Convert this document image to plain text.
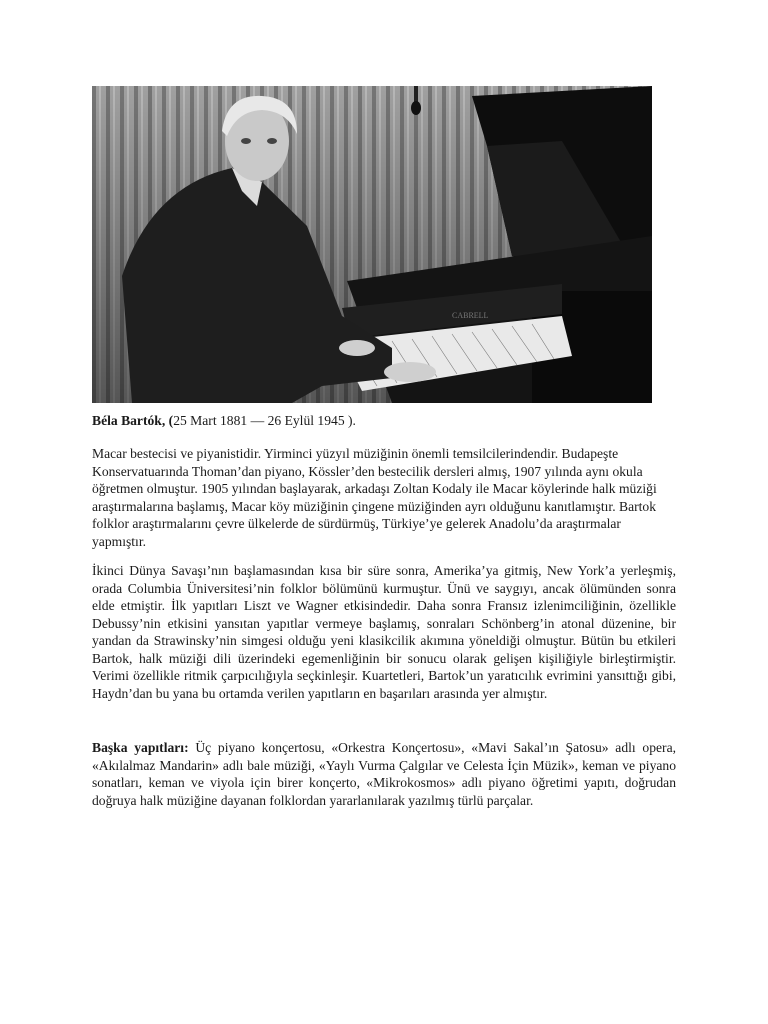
CABRELL

Béla Bartók, (25 Mart 1881 — 26 Eylül 1945 ).

Macar bestecisi ve piyanistidir. Yirminci yüzyıl müziğinin önemli temsilcilerindendir. Budapeşte Konservatuarında Thoman’dan piyano, Kössler’den bestecilik dersleri almış, 1907 yılında aynı okula öğretmen olmuştur. 1905 yılından başlayarak, arkadaşı Zoltan Kodaly ile Macar köylerinde halk müziği araştırmalarına başlamış, Macar köy müziğinin çingene müziğinden ayrı olduğunu kanıtlamıştır. Bartok folklor araştırmalarını çevre ülkelerde de sürdürmüş, Türkiye’ye gelerek Anadolu’da araştırmalar yapmıştır.

İkinci Dünya Savaşı’nın başlamasından kısa bir süre sonra, Amerika’ya gitmiş, New York’a yerleşmiş, orada Columbia Üniversitesi’nin folklor bölümünü kurmuştur. Ünü ve saygıyı, ancak ölümünden sonra elde etmiştir. İlk yapıtları Liszt ve Wagner etkisindedir. Daha sonra Fransız izlenimciliğinin, özellikle Debussy’nin etkisini yansıtan yapıtlar vermeye başlamış, sonraları Schönberg’in atonal düzenine, bir yandan da Strawinsky’nin simgesi olduğu yeni klasikcilik akımına yöneldiği olmuştur. Bütün bu etkileri Bartok, halk müziği dili üzerindeki egemenliğinin bir sonucu olarak gelişen kişiliğiyle birleştirmiştir. Verimi özellikle ritmik çarpıcılığıyla seçkinleşir. Kuartetleri, Bartok’un yaratıcılık evrimini yansıttığı gibi, Haydn’dan bu yana bu ortamda verilen yapıtların en başarıları arasında yer almıştır.

Başka yapıtları: Üç piyano konçertosu, «Orkestra Konçertosu», «Mavi Sakal’ın Şatosu» adlı opera, «Akılalmaz Mandarin» adlı bale müziği, «Yaylı Vurma Çalgılar ve Celesta İçin Müzik», keman ve piyano sonatları, keman ve viyola için birer konçerto, «Mikrokosmos» adlı piyano öğretimi yapıtı, doğrudan doğruya halk müziğine dayanan folklordan yararlanılarak yazılmış türlü parçalar.
